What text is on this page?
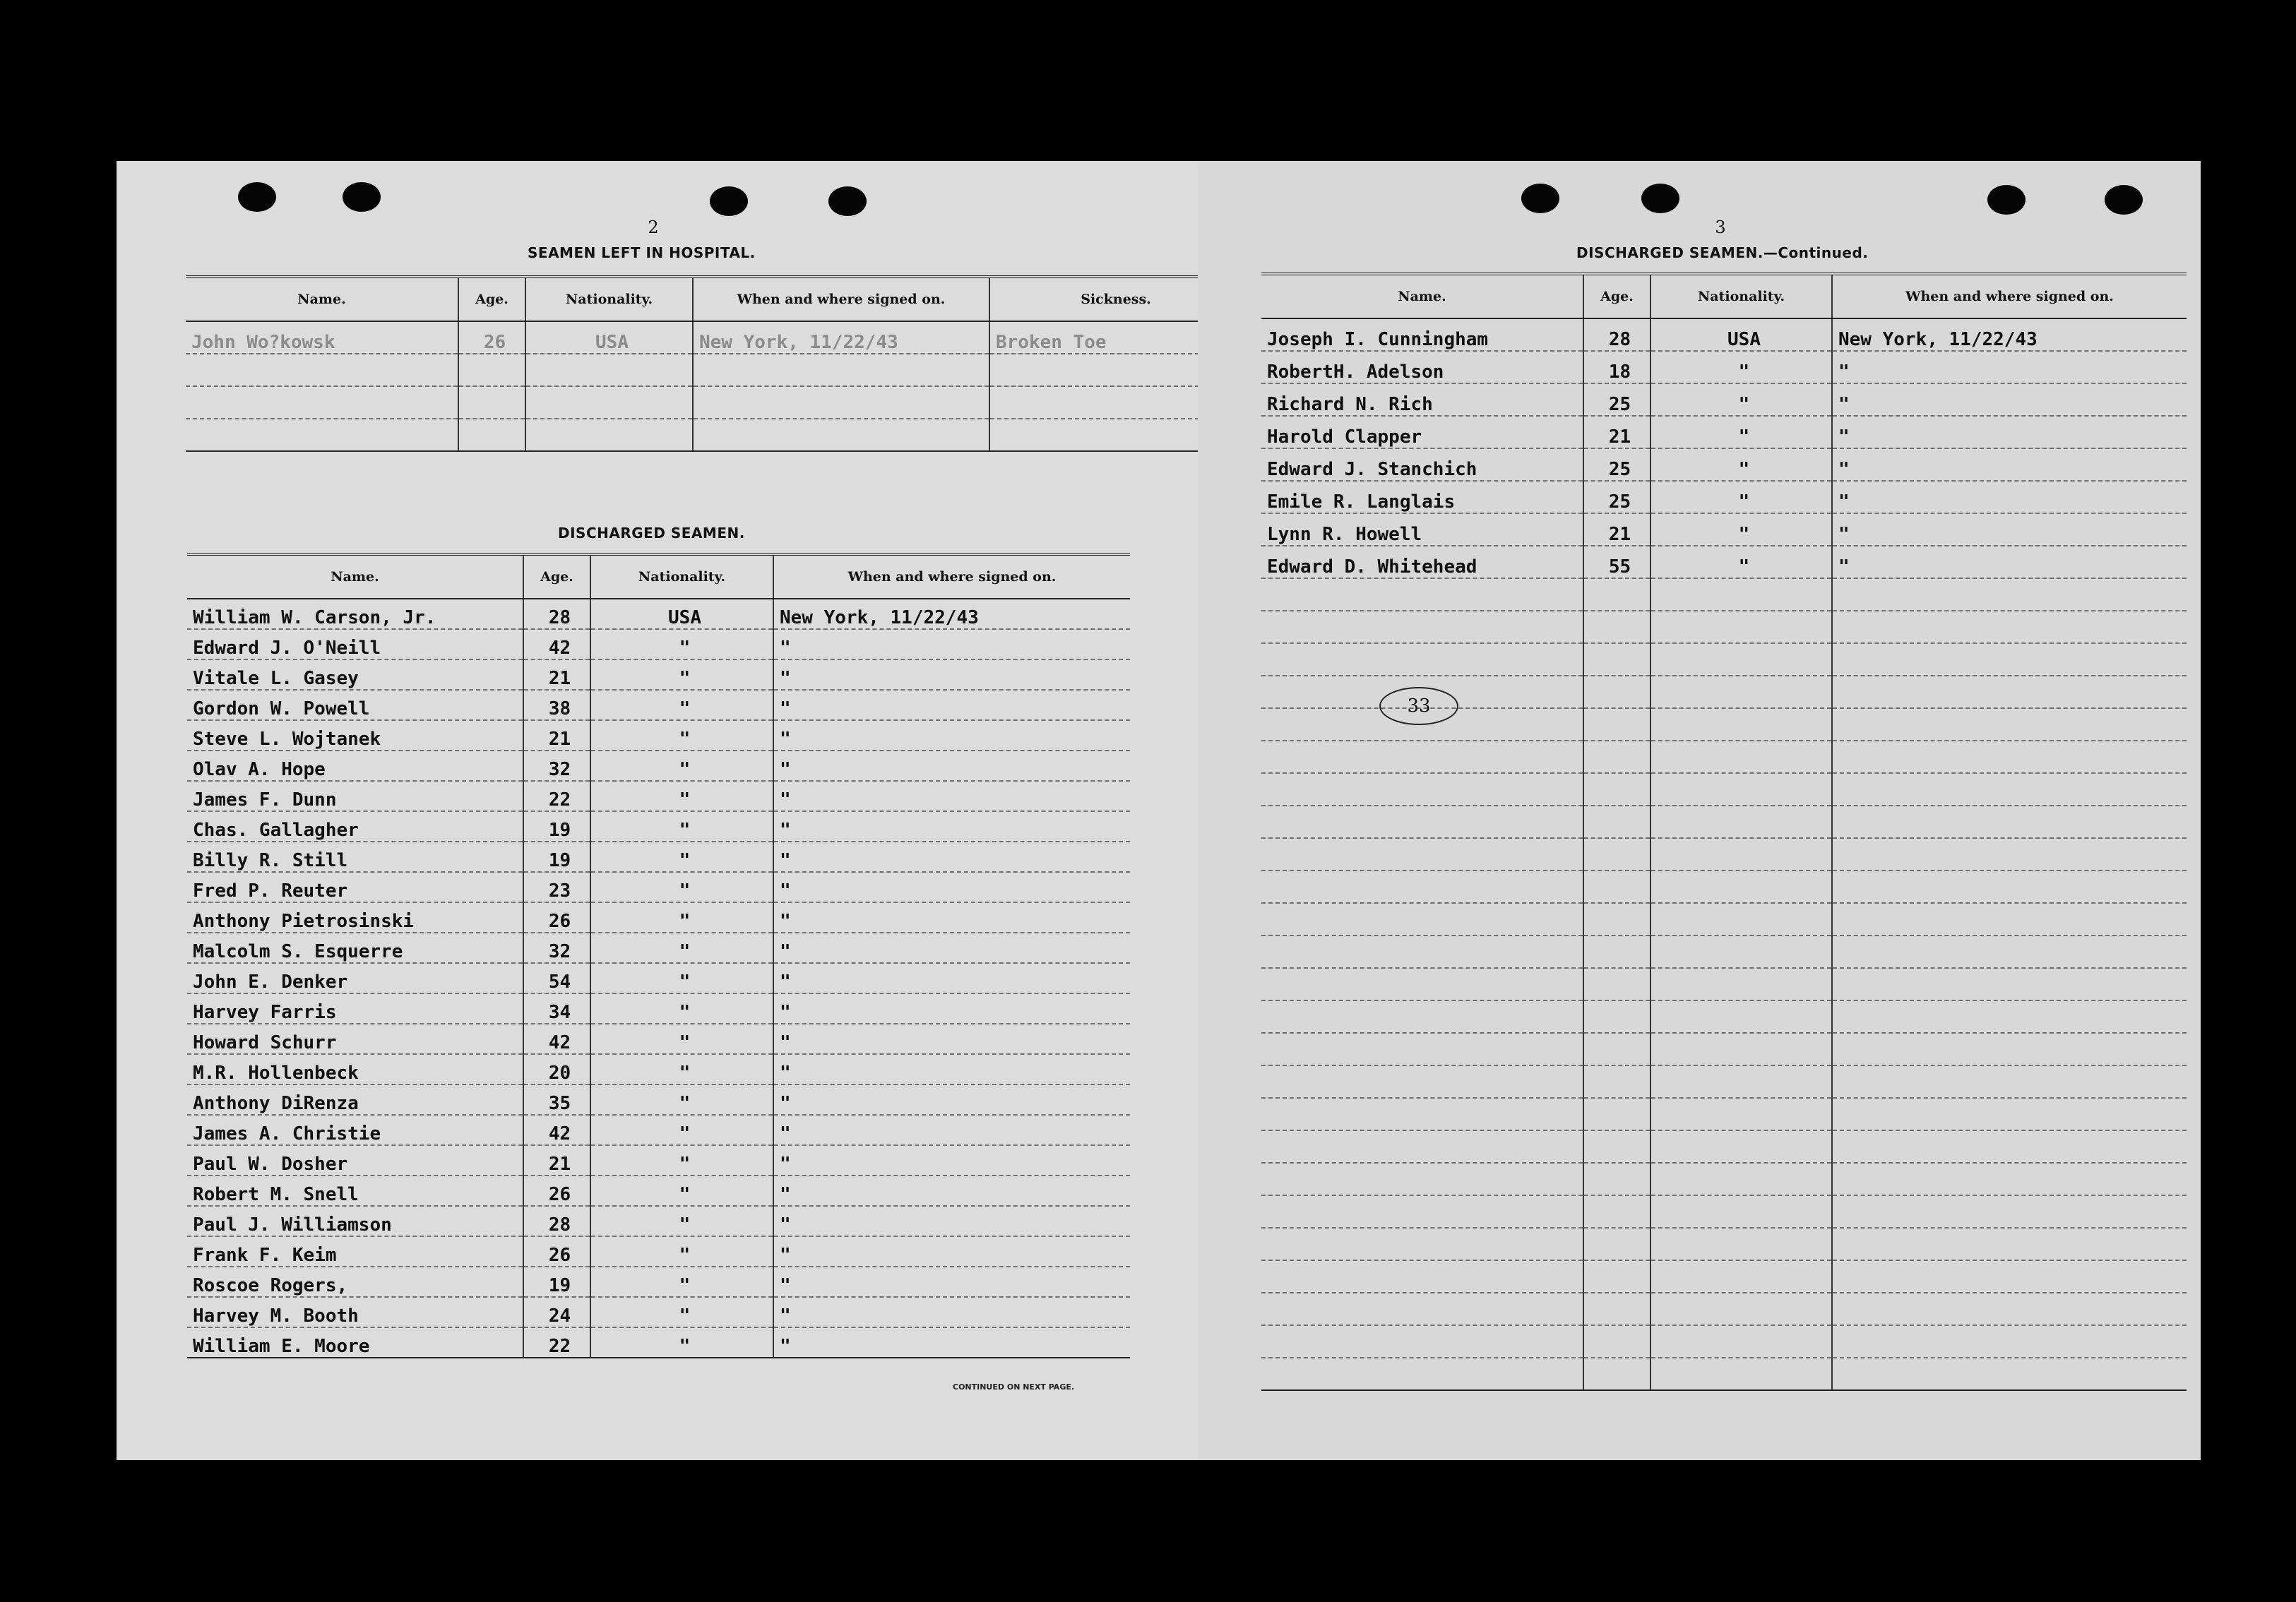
2
SEAMEN LEFT IN HOSPITAL.
Name.	Age.	Nationality.	When and where signed on.	Sickness.
John Wo?kowsk	26	USA	New York, 11/22/43	Broken Toe

DISCHARGED SEAMEN.
Name.	Age.	Nationality.	When and where signed on.
William W. Carson, Jr.	28	USA	New York, 11/22/43
Edward J. O'Neill	42	"	"
Vitale L. Gasey	21	"	"
Gordon W. Powell	38	"	"
Steve L. Wojtanek	21	"	"
Olav A. Hope	32	"	"
James F. Dunn	22	"	"
Chas. Gallagher	19	"	"
Billy R. Still	19	"	"
Fred P. Reuter	23	"	"
Anthony Pietrosinski	26	"	"
Malcolm S. Esquerre	32	"	"
John E. Denker	54	"	"
Harvey Farris	34	"	"
Howard Schurr	42	"	"
M.R. Hollenbeck	20	"	"
Anthony DiRenza	35	"	"
James A. Christie	42	"	"
Paul W. Dosher	21	"	"
Robert M. Snell	26	"	"
Paul J. Williamson	28	"	"
Frank F. Keim	26	"	"
Roscoe Rogers,	19	"	"
Harvey M. Booth	24	"	"
William E. Moore	22	"	"
CONTINUED ON NEXT PAGE.
3
DISCHARGED SEAMEN.—Continued.
Name.	Age.	Nationality.	When and where signed on.
Joseph I. Cunningham	28	USA	New York, 11/22/43
RobertH. Adelson	18	"	"
Richard N. Rich	25	"	"
Harold Clapper	21	"	"
Edward J. Stanchich	25	"	"
Emile R. Langlais	25	"	"
Lynn R. Howell	21	"	"
Edward D. Whitehead	55	"	"

33
